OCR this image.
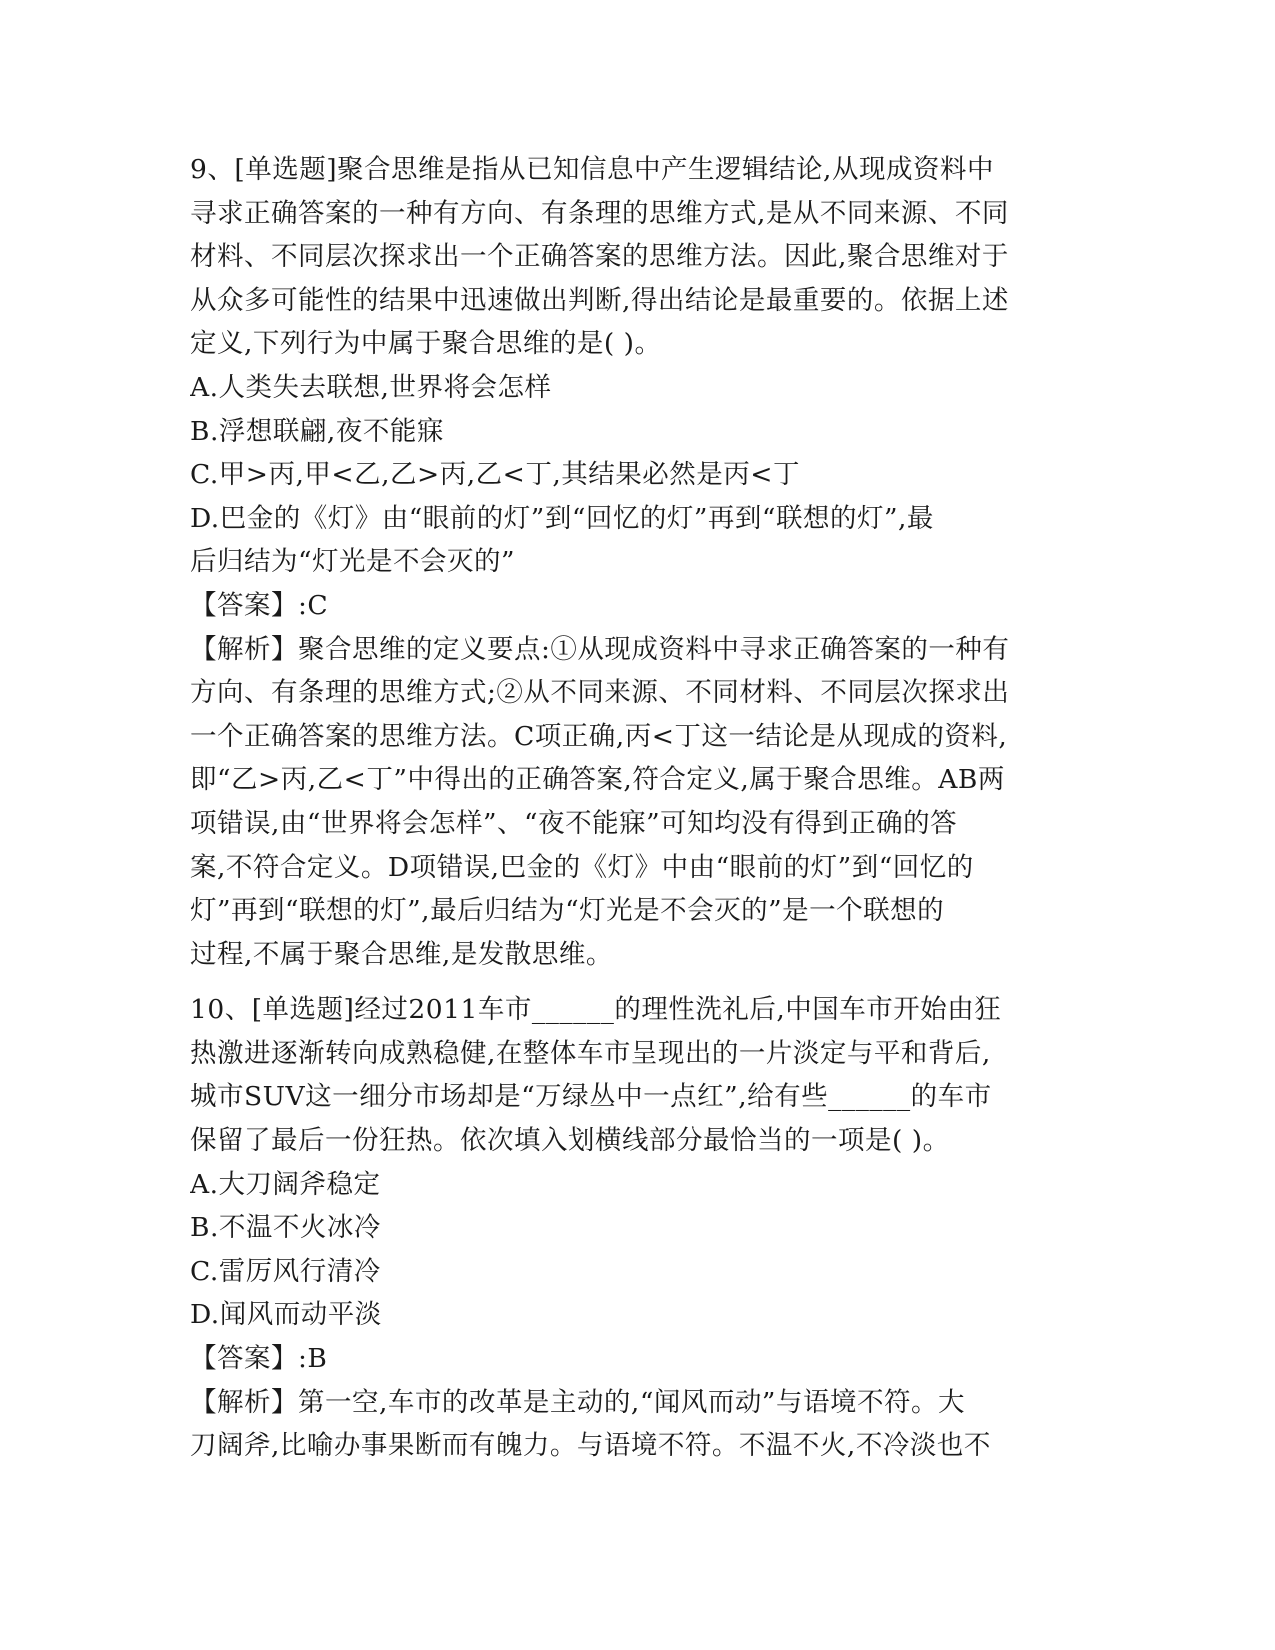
9、[单选题]聚合思维是指从已知信息中产生逻辑结论,从现成资料中
寻求正确答案的一种有方向、有条理的思维方式,是从不同来源、不同
材料、不同层次探求出一个正确答案的思维方法。因此,聚合思维对于
从众多可能性的结果中迅速做出判断,得出结论是最重要的。依据上述
定义,下列行为中属于聚合思维的是( )。
A.人类失去联想,世界将会怎样
B.浮想联翩,夜不能寐
C.甲>丙,甲<乙,乙>丙,乙<丁,其结果必然是丙<丁
D.巴金的《灯》由“眼前的灯”到“回忆的灯”再到“联想的灯”,最
后归结为“灯光是不会灭的”
【答案】:C
【解析】聚合思维的定义要点:①从现成资料中寻求正确答案的一种有
方向、有条理的思维方式;②从不同来源、不同材料、不同层次探求出
一个正确答案的思维方法。C项正确,丙<丁这一结论是从现成的资料,
即“乙>丙,乙<丁”中得出的正确答案,符合定义,属于聚合思维。AB两
项错误,由“世界将会怎样”、“夜不能寐”可知均没有得到正确的答
案,不符合定义。D项错误,巴金的《灯》中由“眼前的灯”到“回忆的
灯”再到“联想的灯”,最后归结为“灯光是不会灭的”是一个联想的
过程,不属于聚合思维,是发散思维。
10、[单选题]经过2011车市______的理性洗礼后,中国车市开始由狂
热激进逐渐转向成熟稳健,在整体车市呈现出的一片淡定与平和背后,
城市SUV这一细分市场却是“万绿丛中一点红”,给有些______的车市
保留了最后一份狂热。依次填入划横线部分最恰当的一项是( )。
A.大刀阔斧稳定
B.不温不火冰冷
C.雷厉风行清冷
D.闻风而动平淡
【答案】:B
【解析】第一空,车市的改革是主动的,“闻风而动”与语境不符。大
刀阔斧,比喻办事果断而有魄力。与语境不符。不温不火,不冷淡也不
